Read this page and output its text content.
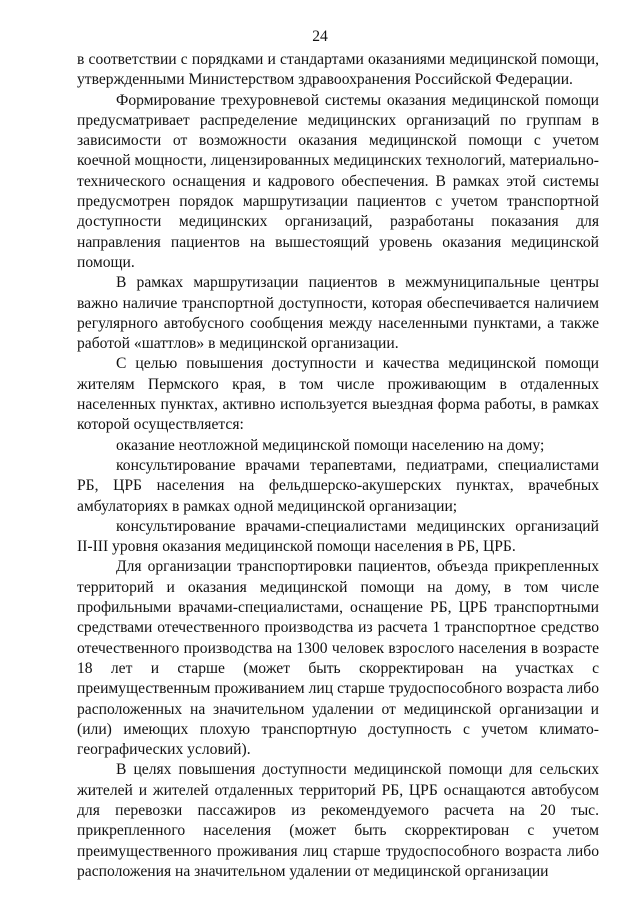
24

в соответствии с порядками и стандартами оказаниями медицинской помощи, утвержденными Министерством здравоохранения Российской Федерации.

Формирование трехуровневой системы оказания медицинской помощи предусматривает распределение медицинских организаций по группам в зависимости от возможности оказания медицинской помощи с учетом коечной мощности, лицензированных медицинских технологий, материально-технического оснащения и кадрового обеспечения. В рамках этой системы предусмотрен порядок маршрутизации пациентов с учетом транспортной доступности медицинских организаций, разработаны показания для направления пациентов на вышестоящий уровень оказания медицинской помощи.

В рамках маршрутизации пациентов в межмуниципальные центры важно наличие транспортной доступности, которая обеспечивается наличием регулярного автобусного сообщения между населенными пунктами, а также работой «шаттлов» в медицинской организации.

С целью повышения доступности и качества медицинской помощи жителям Пермского края, в том числе проживающим в отдаленных населенных пунктах, активно используется выездная форма работы, в рамках которой осуществляется:

оказание неотложной медицинской помощи населению на дому;

консультирование врачами терапевтами, педиатрами, специалистами РБ, ЦРБ населения на фельдшерско-акушерских пунктах, врачебных амбулаториях в рамках одной медицинской организации;

консультирование врачами-специалистами медицинских организаций II-III уровня оказания медицинской помощи населения в РБ, ЦРБ.

Для организации транспортировки пациентов, объезда прикрепленных территорий и оказания медицинской помощи на дому, в том числе профильными врачами-специалистами, оснащение РБ, ЦРБ транспортными средствами отечественного производства из расчета 1 транспортное средство отечественного производства на 1300 человек взрослого населения в возрасте 18 лет и старше (может быть скорректирован на участках с преимущественным проживанием лиц старше трудоспособного возраста либо расположенных на значительном удалении от медицинской организации и (или) имеющих плохую транспортную доступность с учетом климато-географических условий).

В целях повышения доступности медицинской помощи для сельских жителей и жителей отдаленных территорий РБ, ЦРБ оснащаются автобусом для перевозки пассажиров из рекомендуемого расчета на 20 тыс. прикрепленного населения (может быть скорректирован с учетом преимущественного проживания лиц старше трудоспособного возраста либо расположения на значительном удалении от медицинской организации
